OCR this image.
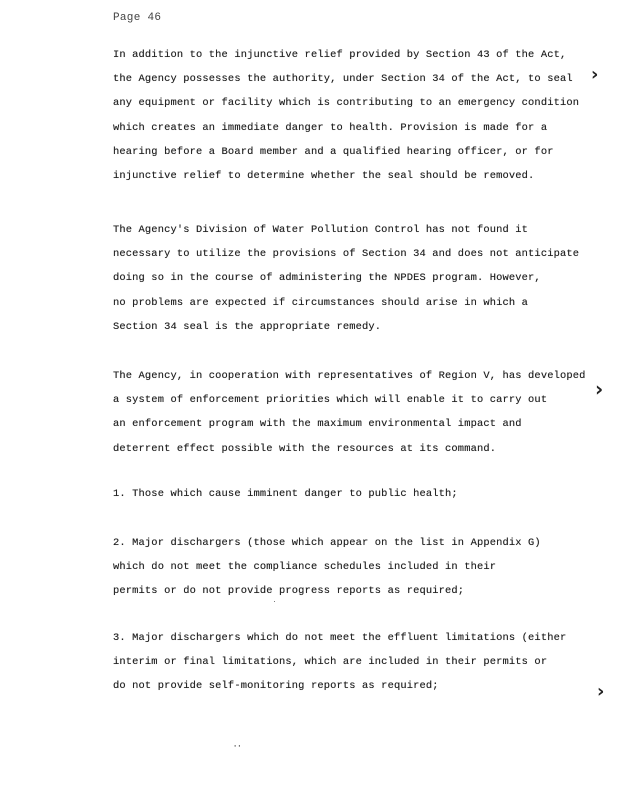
Page 46
In addition to the injunctive relief provided by Section 43 of the Act,
the Agency possesses the authority, under Section 34 of the Act, to seal
any equipment or facility which is contributing to an emergency condition
which creates an immediate danger to health. Provision is made for a
hearing before a Board member and a qualified hearing officer, or for
injunctive relief to determine whether the seal should be removed.
The Agency's Division of Water Pollution Control has not found it
necessary to utilize the provisions of Section 34 and does not anticipate
doing so in the course of administering the NPDES program. However,
no problems are expected if circumstances should arise in which a
Section 34 seal is the appropriate remedy.
The Agency, in cooperation with representatives of Region V, has developed
a system of enforcement priorities which will enable it to carry out
an enforcement program with the maximum environmental impact and
deterrent effect possible with the resources at its command.
1. Those which cause imminent danger to public health;
2. Major dischargers (those which appear on the list in Appendix G)
which do not meet the compliance schedules included in their
permits or do not provide progress reports as required;
3. Major dischargers which do not meet the effluent limitations (either
interim or final limitations, which are included in their permits or
do not provide self-monitoring reports as required;
›
›
›
˙
··
